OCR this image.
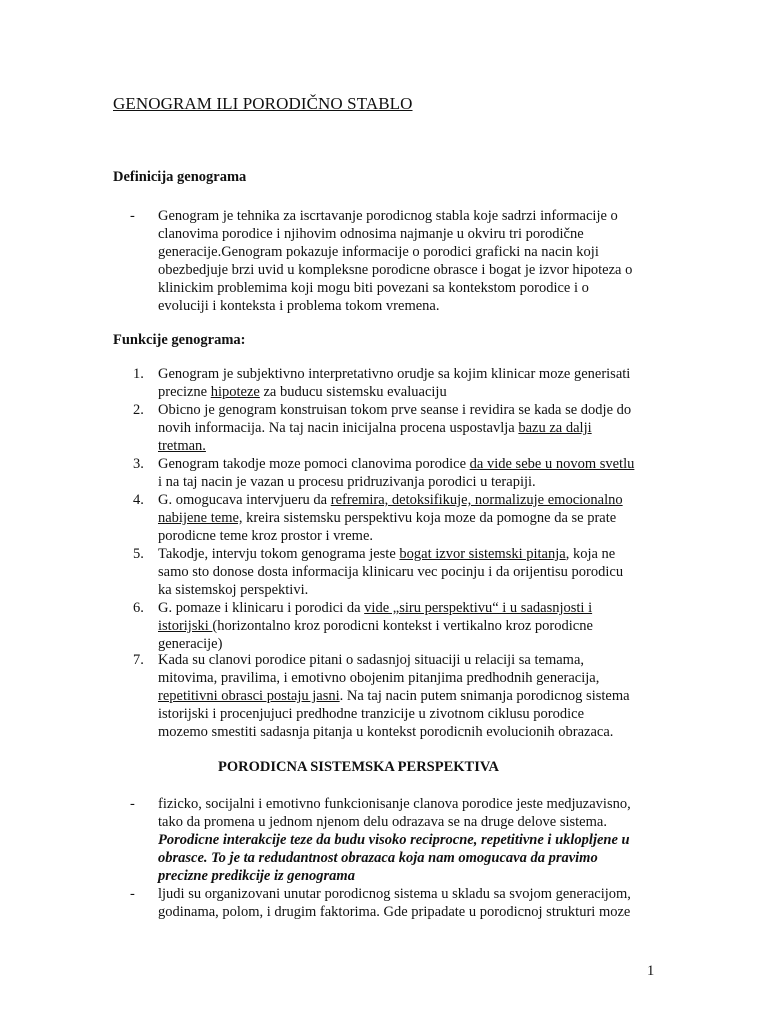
GENOGRAM ILI PORODIČNO STABLO
Definicija genograma
- Genogram je tehnika za iscrtavanje porodicnog stabla koje sadrzi informacije o
clanovima porodice i njihovim odnosima najmanje u okviru tri porodične
generacije.Genogram pokazuje informacije o porodici graficki na nacin koji
obezbedjuje brzi uvid u kompleksne porodicne obrasce i bogat je izvor hipoteza o
klinickim problemima koji mogu biti povezani sa kontekstom porodice i o
evoluciji i konteksta i problema tokom vremena.
Funkcije genograma:
1. Genogram je subjektivno interpretativno orudje sa kojim klinicar moze generisati
precizne hipoteze za buducu sistemsku evaluaciju
2. Obicno je genogram konstruisan tokom prve seanse i revidira se kada se dodje do
novih informacija. Na taj nacin inicijalna procena uspostavlja bazu za dalji
tretman.
3. Genogram takodje moze pomoci clanovima porodice da vide sebe u novom svetlu
i na taj nacin je vazan u procesu pridruzivanja porodici u terapiji.
4. G. omogucava intervjueru da refremira, detoksifikuje, normalizuje emocionalno
nabijene teme, kreira sistemsku perspektivu koja moze da pomogne da se prate
porodicne teme kroz prostor i vreme.
5. Takodje, intervju tokom genograma jeste bogat izvor sistemski pitanja, koja ne
samo sto donose dosta informacija klinicaru vec pocinju i da orijentisu porodicu
ka sistemskoj perspektivi.
6. G. pomaze i klinicaru i porodici da vide „siru perspektivu“ i u sadasnjosti i
istorijski (horizontalno kroz porodicni kontekst i vertikalno kroz porodicne
generacije)
7. Kada su clanovi porodice pitani o sadasnjoj situaciji u relaciji sa temama,
mitovima, pravilima, i emotivno obojenim pitanjima predhodnih generacija,
repetitivni obrasci postaju jasni. Na taj nacin putem snimanja porodicnog sistema
istorijski i procenjujuci predhodne tranzicije u zivotnom ciklusu porodice
mozemo smestiti sadasnja pitanja u kontekst porodicnih evolucionih obrazaca.
PORODICNA SISTEMSKA PERSPEKTIVA
- fizicko, socijalni i emotivno funkcionisanje clanova porodice jeste medjuzavisno,
tako da promena u jednom njenom delu odrazava se na druge delove sistema.
Porodicne interakcije teze da budu visoko reciprocne, repetitivne i uklopljene u
obrasce. To je ta redudantnost obrazaca koja nam omogucava da pravimo
precizne predikcije iz genograma
- ljudi su organizovani unutar porodicnog sistema u skladu sa svojom generacijom,
godinama, polom, i drugim faktorima. Gde pripadate u porodicnoj strukturi moze
1
